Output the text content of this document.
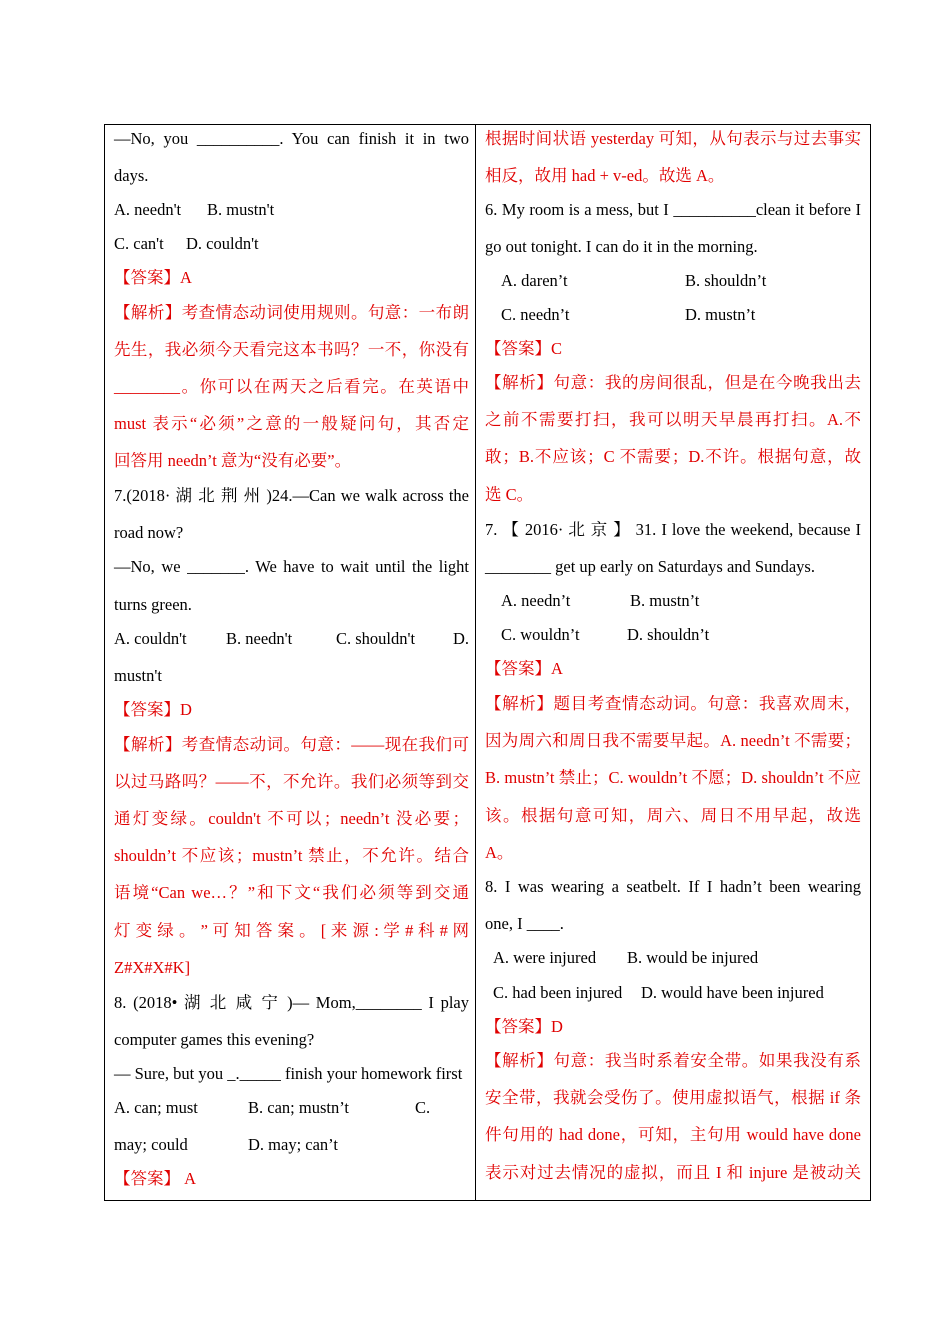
—No, you __________. You can finish it in two
days.
A. needn't B. mustn't
C. can't D. couldn't
【答案】A
【解析】考查情态动词使用规则。句意：一布朗
先生，我必须今天看完这本书吗？一不，你没有
________。你可以在两天之后看完。在英语中
must 表示“必须”之意的一般疑问句，其否定
回答用 needn’t 意为“没有必要”。
7.(2018· 湖 北 荆 州 )24.—Can we walk across the
road now?
—No, we _______. We have to wait until the light
turns green.
A. couldn't B. needn't	C. shouldn't D.
mustn't
【答案】D
【解析】考查情态动词。句意：——现在我们可
以过马路吗？——不，不允许。我们必须等到交
通灯变绿。couldn't 不可以；needn’t 没必要；
shouldn’t 不应该；mustn’t 禁止，不允许。结合
语境“Can we…？”和下文“我们必须等到交通
灯 变 绿 。 ” 可 知 答 案 。 [ 来 源 : 学 # 科 # 网
Z#X#X#K]
8. (2018• 湖 北 咸 宁 )— Mom,________ I play
computer games this evening?
— Sure, but you _._____ finish your homework first
A. can; must	B. can; mustn’t	C.
may; could	D. may; can’t
【答案】 A
根据时间状语 yesterday 可知，从句表示与过去事实
相反，故用 had + v-ed。故选 A。
6. My room is a mess, but I __________clean it before I
go out tonight. I can do it in the morning.
A. daren’t	B. shouldn’t
C. needn’t	D. mustn’t
【答案】C
【解析】句意：我的房间很乱，但是在今晚我出去
之前不需要打扫，我可以明天早晨再打扫。A.不
敢；B.不应该；C 不需要；D.不许。根据句意，故
选 C。
7. 【 2016· 北 京 】 31. I love the weekend, because I
________ get up early on Saturdays and Sundays.
A. needn’t	B. mustn’t
C. wouldn’t	D. shouldn’t
【答案】A
【解析】题目考查情态动词。句意：我喜欢周末，
因为周六和周日我不需要早起。A. needn’t 不需要；
B. mustn’t 禁止；C. wouldn’t 不愿；D. shouldn’t 不应
该。根据句意可知，周六、周日不用早起，故选
A。
8. I was wearing a seatbelt. If I hadn’t been wearing
one, I ____.
A. were injured B. would be injured
C. had been injured D. would have been injured
【答案】D
【解析】句意：我当时系着安全带。如果我没有系
安全带，我就会受伤了。使用虚拟语气，根据 if 条
件句用的 had done，可知，主句用 would have done
表示对过去情况的虚拟，而且 I 和 injure 是被动关
